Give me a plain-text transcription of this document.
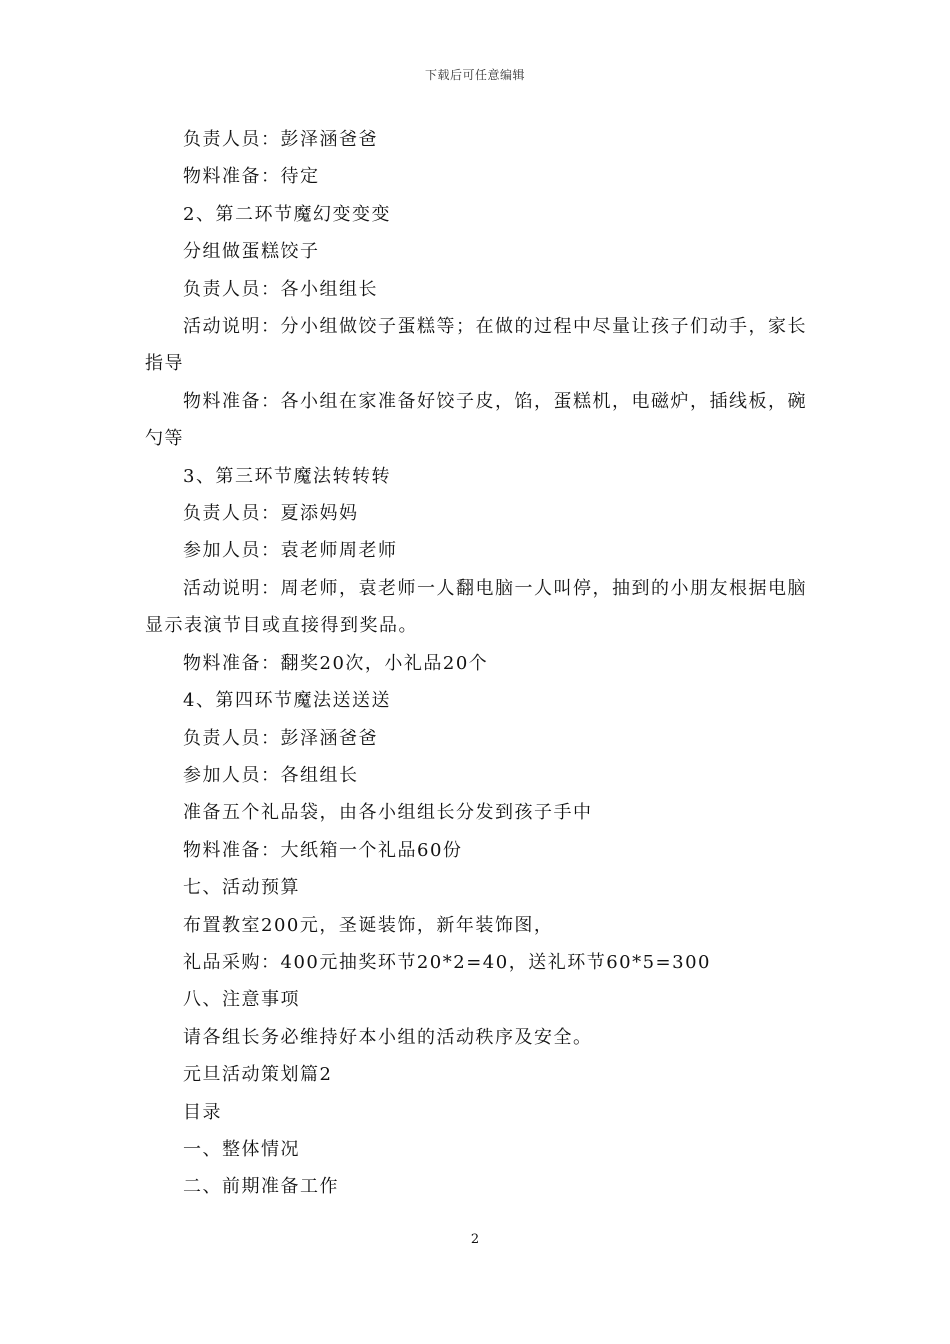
下载后可任意编辑

负责人员：彭泽涵爸爸

物料准备：待定

2、第二环节魔幻变变变

分组做蛋糕饺子

负责人员：各小组组长

活动说明：分小组做饺子蛋糕等；在做的过程中尽量让孩子们动手，家长指导

物料准备：各小组在家准备好饺子皮，馅，蛋糕机，电磁炉，插线板，碗勺等

3、第三环节魔法转转转

负责人员：夏添妈妈

参加人员：袁老师周老师

活动说明：周老师，袁老师一人翻电脑一人叫停，抽到的小朋友根据电脑显示表演节目或直接得到奖品。

物料准备：翻奖20次，小礼品20个

4、第四环节魔法送送送

负责人员：彭泽涵爸爸

参加人员：各组组长

准备五个礼品袋，由各小组组长分发到孩子手中

物料准备：大纸箱一个礼品60份

七、活动预算

布置教室200元，圣诞装饰，新年装饰图，

礼品采购：400元抽奖环节20*2=40，送礼环节60*5=300

八、注意事项

请各组长务必维持好本小组的活动秩序及安全。

元旦活动策划篇2

目录

一、整体情况

二、前期准备工作

2
